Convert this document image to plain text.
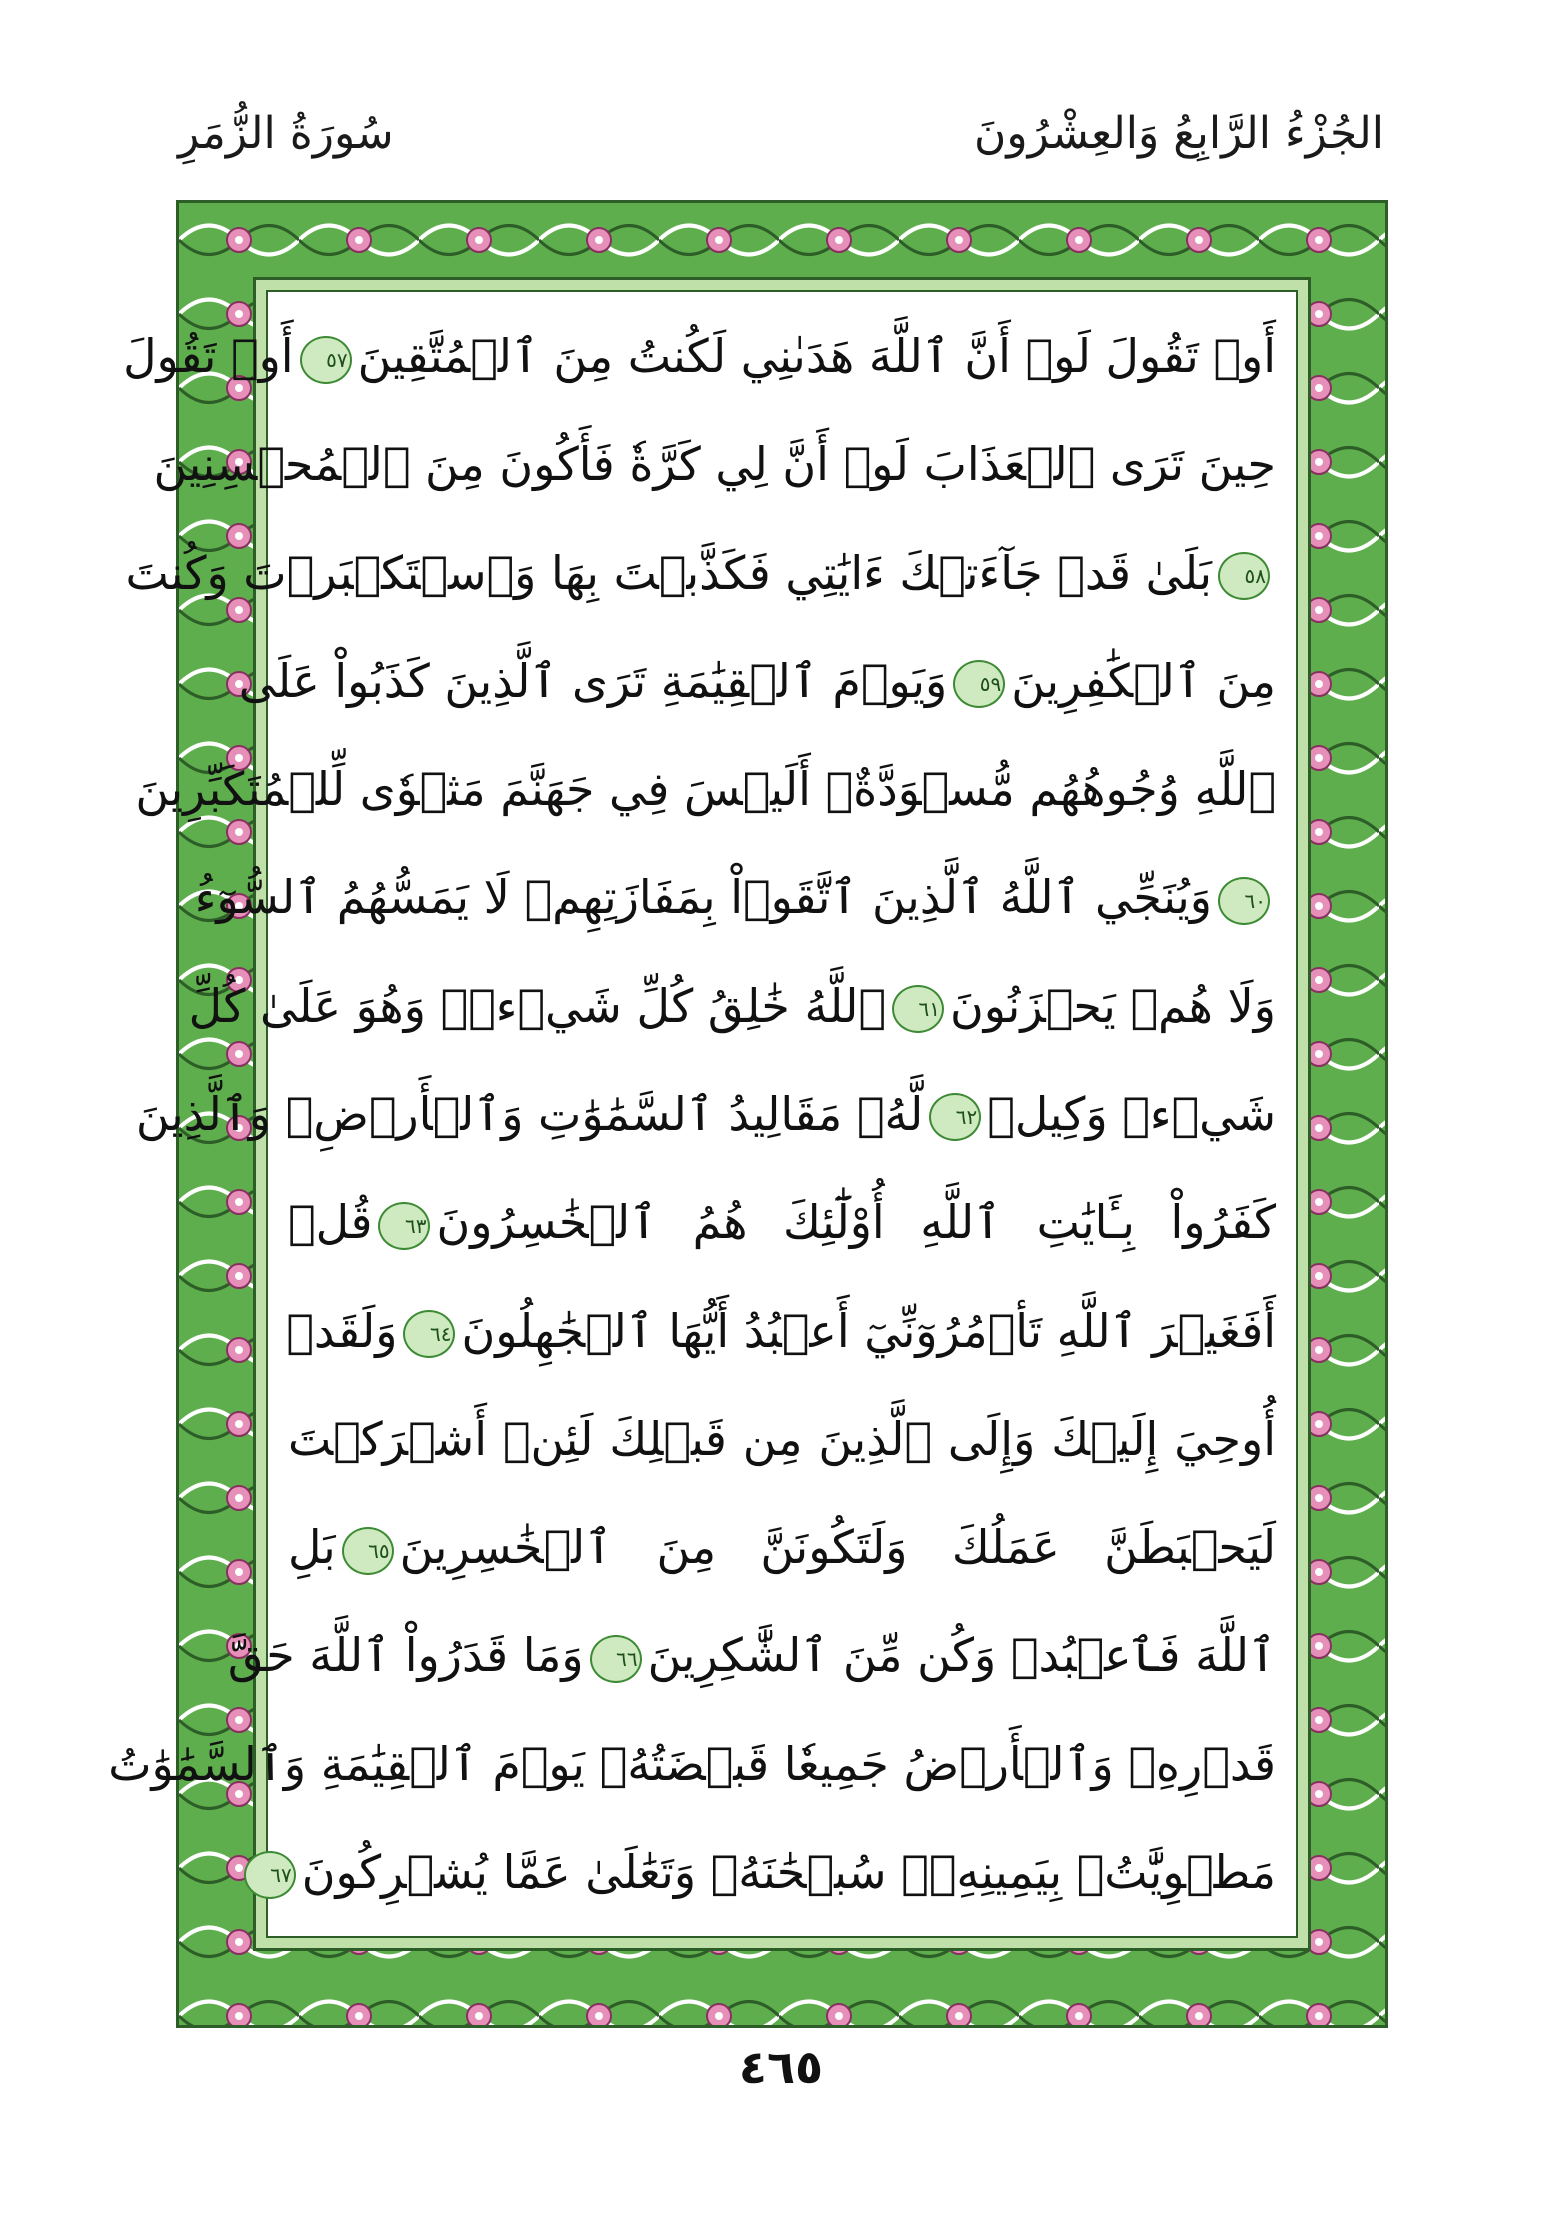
الجُزْءُ الرَّابِعُ وَالعِشْرُونَ
سُورَةُ الزُّمَرِ
أَوۡ تَقُولَ لَوۡ أَنَّ ٱللَّهَ هَدَىٰنِي لَكُنتُ مِنَ ٱلۡمُتَّقِينَ٥٧أَوۡ تَقُولَ
حِينَ تَرَى ٱلۡعَذَابَ لَوۡ أَنَّ لِي كَرَّةٗ فَأَكُونَ مِنَ ٱلۡمُحۡسِنِينَ
٥٨بَلَىٰ قَدۡ جَآءَتۡكَ ءَايَٰتِي فَكَذَّبۡتَ بِهَا وَٱسۡتَكۡبَرۡتَ وَكُنتَ
مِنَ ٱلۡكَٰفِرِينَ٥٩وَيَوۡمَ ٱلۡقِيَٰمَةِ تَرَى ٱلَّذِينَ كَذَبُواْ عَلَى
ٱللَّهِ وُجُوهُهُم مُّسۡوَدَّةٌۚ أَلَيۡسَ فِي جَهَنَّمَ مَثۡوٗى لِّلۡمُتَكَبِّرِينَ
٦٠وَيُنَجِّي ٱللَّهُ ٱلَّذِينَ ٱتَّقَوۡاْ بِمَفَازَتِهِمۡ لَا يَمَسُّهُمُ ٱلسُّوٓءُ
وَلَا هُمۡ يَحۡزَنُونَ٦١ٱللَّهُ خَٰلِقُ كُلِّ شَيۡءٖۖ وَهُوَ عَلَىٰ كُلِّ
شَيۡءٖ وَكِيلٞ٦٢لَّهُۥ مَقَالِيدُ ٱلسَّمَٰوَٰتِ وَٱلۡأَرۡضِۗ وَٱلَّذِينَ
كَفَرُواْ بِـَٔايَٰتِ ٱللَّهِ أُوْلَٰٓئِكَ هُمُ ٱلۡخَٰسِرُونَ٦٣قُلۡ
أَفَغَيۡرَ ٱللَّهِ تَأۡمُرُوٓنِّيٓ أَعۡبُدُ أَيُّهَا ٱلۡجَٰهِلُونَ٦٤وَلَقَدۡ
أُوحِيَ إِلَيۡكَ وَإِلَى ٱلَّذِينَ مِن قَبۡلِكَ لَئِنۡ أَشۡرَكۡتَ
لَيَحۡبَطَنَّ عَمَلُكَ وَلَتَكُونَنَّ مِنَ ٱلۡخَٰسِرِينَ٦٥بَلِ
ٱللَّهَ فَٱعۡبُدۡ وَكُن مِّنَ ٱلشَّٰكِرِينَ٦٦وَمَا قَدَرُواْ ٱللَّهَ حَقَّ
قَدۡرِهِۦ وَٱلۡأَرۡضُ جَمِيعٗا قَبۡضَتُهُۥ يَوۡمَ ٱلۡقِيَٰمَةِ وَٱلسَّمَٰوَٰتُ
مَطۡوِيَّٰتُۢ بِيَمِينِهِۦۚ سُبۡحَٰنَهُۥ وَتَعَٰلَىٰ عَمَّا يُشۡرِكُونَ٦٧
٤٦٥
